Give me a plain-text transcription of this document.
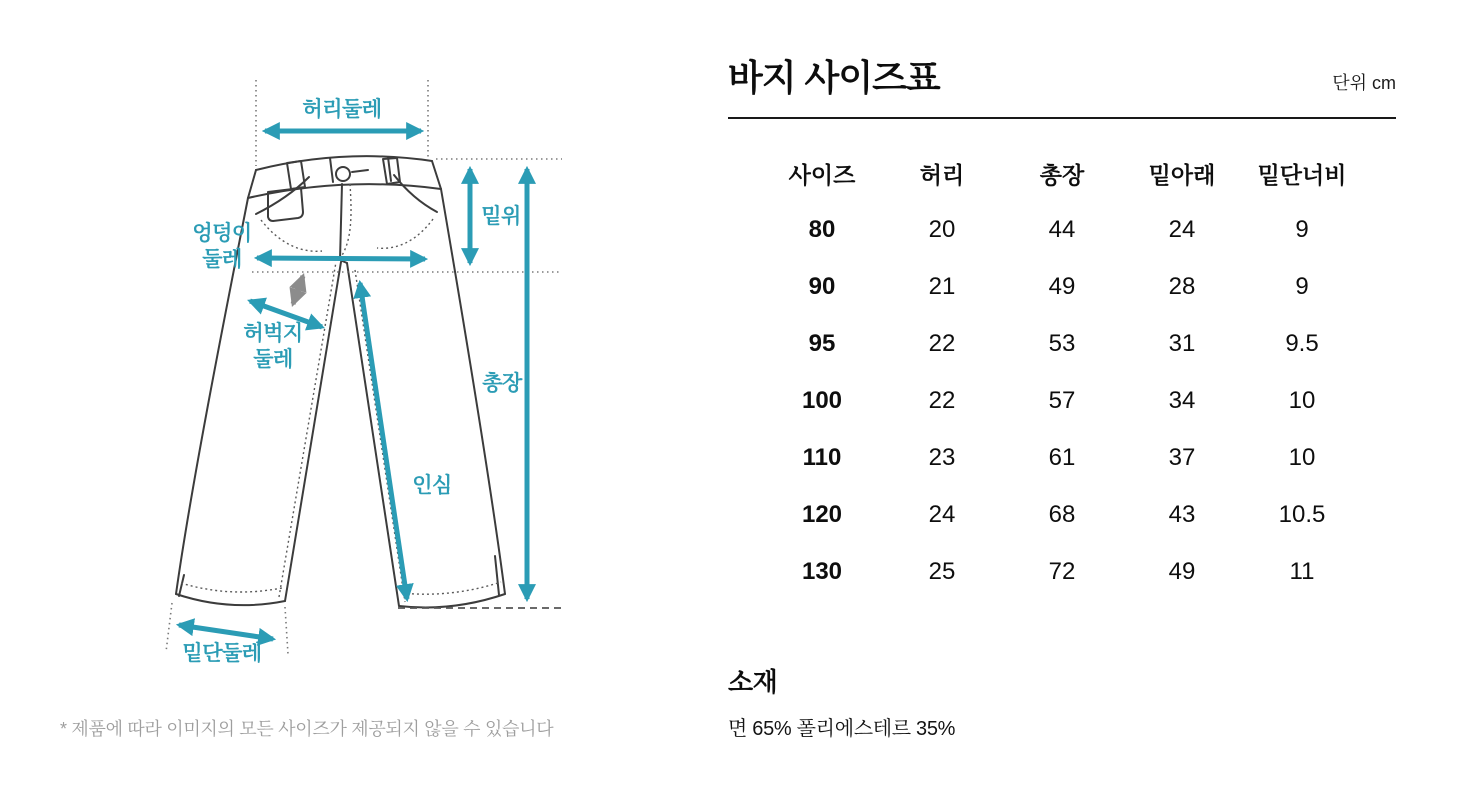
허리둘레
엉덩이
둘레
허벅지
둘레
밑위
총장
인심
밑단둘레
* 제품에 따라 이미지의 모든 사이즈가 제공되지 않을 수 있습니다
바지 사이즈표	단위 cm
사이즈	허리	총장	밑아래	밑단너비
80	20	44	24	9
90	21	49	28	9
95	22	53	31	9.5
100	22	57	34	10
110	23	61	37	10
120	24	68	43	10.5
130	25	72	49	11
소재
면 65% 폴리에스테르 35%
